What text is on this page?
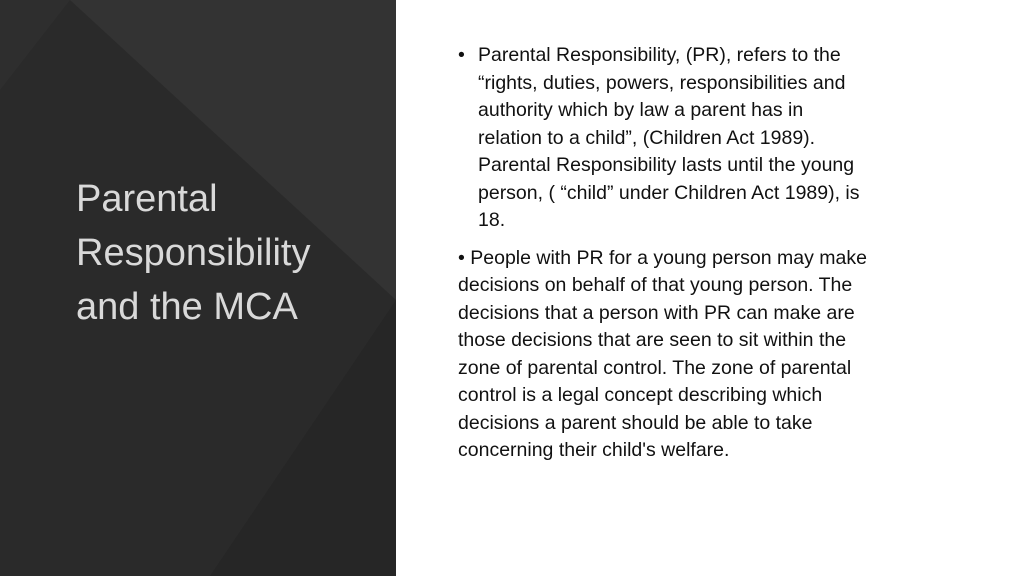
Parental
Responsibility
and the MCA
• Parental Responsibility, (PR), refers to the
“rights, duties, powers, responsibilities and
authority which by law a parent has in
relation to a child”, (Children Act 1989).
Parental Responsibility lasts until the young
person, ( “child” under Children Act 1989), is
18.
• People with PR for a young person may make
decisions on behalf of that young person. The
decisions that a person with PR can make are
those decisions that are seen to sit within the
zone of parental control. The zone of parental
control is a legal concept describing which
decisions a parent should be able to take
concerning their child's welfare.
